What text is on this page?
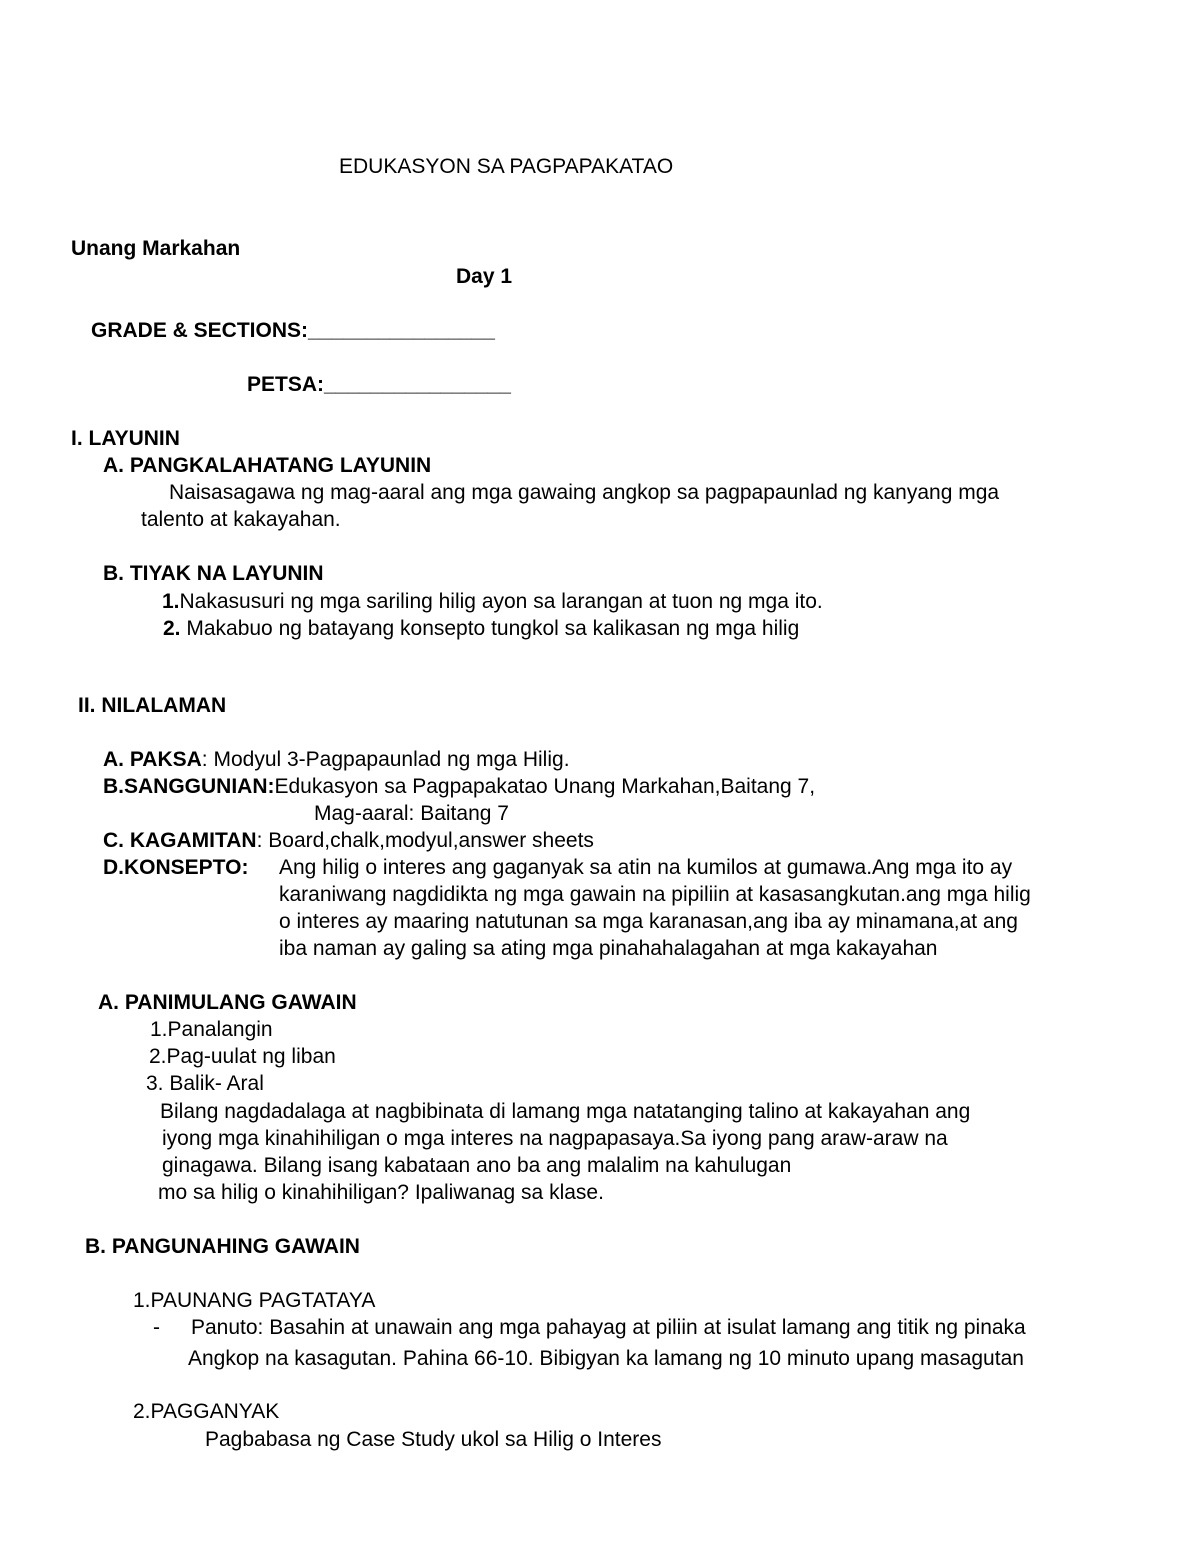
EDUKASYON SA PAGPAPAKATAO
Unang Markahan
Day 1
GRADE & SECTIONS:________________
PETSA:________________
I. LAYUNIN
A. PANGKALAHATANG LAYUNIN
Naisasagawa ng mag-aaral ang mga gawaing angkop sa pagpapaunlad ng kanyang mga
talento at kakayahan.
B. TIYAK NA LAYUNIN
1.Nakasusuri ng mga sariling hilig ayon sa larangan at tuon ng mga ito.
2. Makabuo ng batayang konsepto tungkol sa kalikasan ng mga hilig
II. NILALAMAN
A. PAKSA: Modyul 3-Pagpapaunlad ng mga Hilig.
B.SANGGUNIAN:Edukasyon sa Pagpapakatao Unang Markahan,Baitang 7,
Mag-aaral: Baitang 7
C. KAGAMITAN: Board,chalk,modyul,answer sheets
D.KONSEPTO: Ang hilig o interes ang gaganyak sa atin na kumilos at gumawa.Ang mga ito ay
karaniwang nagdidikta ng mga gawain na pipiliin at kasasangkutan.ang mga hilig
o interes ay maaring natutunan sa mga karanasan,ang iba ay minamana,at ang
iba naman ay galing sa ating mga pinahahalagahan at mga kakayahan
A. PANIMULANG GAWAIN
1.Panalangin
2.Pag-uulat ng liban
3. Balik- Aral
Bilang nagdadalaga at nagbibinata di lamang mga natatanging talino at kakayahan ang
iyong mga kinahihiligan o mga interes na nagpapasaya.Sa iyong pang araw-araw na
ginagawa. Bilang isang kabataan ano ba ang malalim na kahulugan
mo sa hilig o kinahihiligan? Ipaliwanag sa klase.
B. PANGUNAHING GAWAIN
1.PAUNANG PAGTATAYA
- Panuto: Basahin at unawain ang mga pahayag at piliin at isulat lamang ang titik ng pinaka
Angkop na kasagutan. Pahina 66-10. Bibigyan ka lamang ng 10 minuto upang masagutan
2.PAGGANYAK
Pagbabasa ng Case Study ukol sa Hilig o Interes
